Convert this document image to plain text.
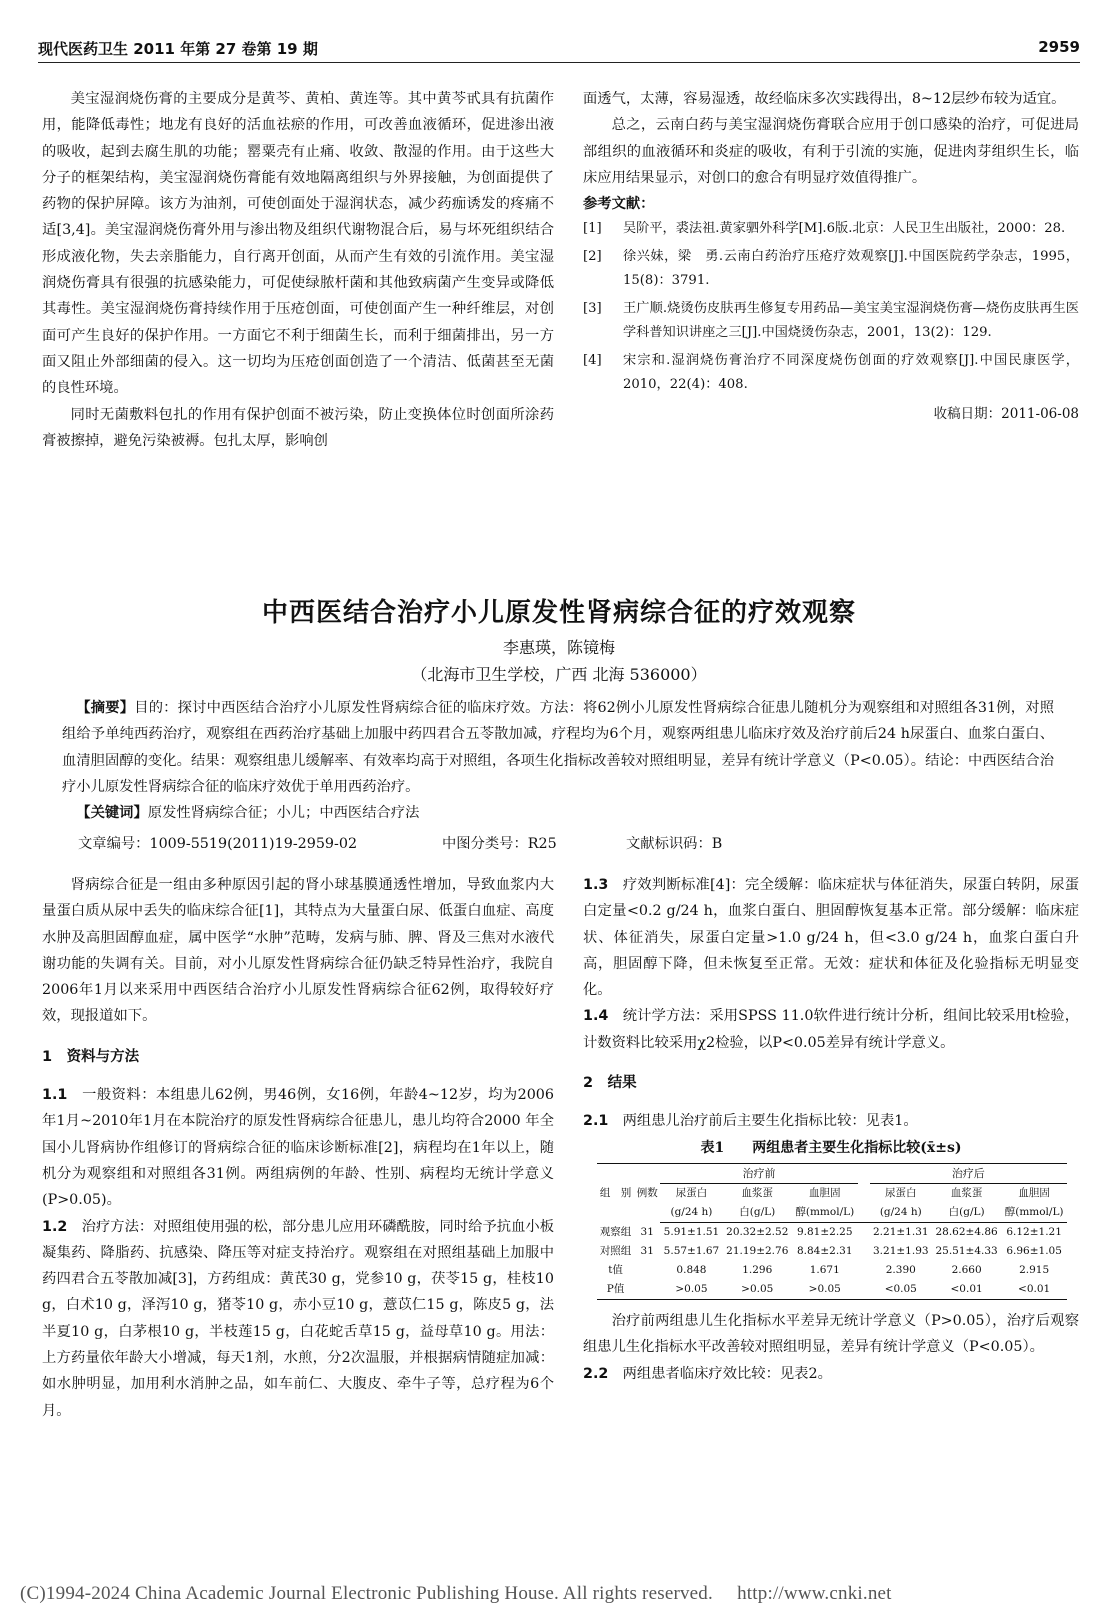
现代医药卫生 2011 年第 27 卷第 19 期	2959

美宝湿润烧伤膏的主要成分是黄芩、黄柏、黄连等。其中黄芩甙具有抗菌作用，能降低毒性；地龙有良好的活血祛瘀的作用，可改善血液循环，促进渗出液的吸收，起到去腐生肌的功能；罂粟壳有止痛、收敛、散湿的作用。由于这些大分子的框架结构，美宝湿润烧伤膏能有效地隔离组织与外界接触，为创面提供了药物的保护屏障。该方为油剂，可使创面处于湿润状态，减少药痂诱发的疼痛不适[3,4]。美宝湿润烧伤膏外用与渗出物及组织代谢物混合后，易与坏死组织结合形成液化物，失去亲脂能力，自行离开创面，从而产生有效的引流作用。美宝湿润烧伤膏具有很强的抗感染能力，可促使绿脓杆菌和其他致病菌产生变异或降低其毒性。美宝湿润烧伤膏持续作用于压疮创面，可使创面产生一种纤维层，对创面可产生良好的保护作用。一方面它不利于细菌生长，而利于细菌排出，另一方面又阻止外部细菌的侵入。这一切均为压疮创面创造了一个清洁、低菌甚至无菌的良性环境。

同时无菌敷料包扎的作用有保护创面不被污染，防止变换体位时创面所涂药膏被擦掉，避免污染被褥。包扎太厚，影响创

面透气，太薄，容易湿透，故经临床多次实践得出，8~12层纱布较为适宜。

总之，云南白药与美宝湿润烧伤膏联合应用于创口感染的治疗，可促进局部组织的血液循环和炎症的吸收，有利于引流的实施，促进肉芽组织生长，临床应用结果显示，对创口的愈合有明显疗效值得推广。

参考文献：

[1] 吴阶平，裘法祖.黄家驷外科学[M].6版.北京：人民卫生出版社，2000：28.
[2] 徐兴妹，梁　勇.云南白药治疗压疮疗效观察[J].中国医院药学杂志，1995，15(8)：3791.
[3] 王广顺.烧烫伤皮肤再生修复专用药品—美宝美宝湿润烧伤膏—烧伤皮肤再生医学科普知识讲座之三[J].中国烧烫伤杂志，2001，13(2)：129.
[4] 宋宗和.湿润烧伤膏治疗不同深度烧伤创面的疗效观察[J].中国民康医学，2010，22(4)：408.
收稿日期：2011-06-08
中西医结合治疗小儿原发性肾病综合征的疗效观察
李惠瑛，陈镜梅
（北海市卫生学校，广西 北海 536000）

【摘要】目的：探讨中西医结合治疗小儿原发性肾病综合征的临床疗效。方法：将62例小儿原发性肾病综合征患儿随机分为观察组和对照组各31例，对照组给予单纯西药治疗，观察组在西药治疗基础上加服中药四君合五苓散加减，疗程均为6个月，观察两组患儿临床疗效及治疗前后24 h尿蛋白、血浆白蛋白、血清胆固醇的变化。结果：观察组患儿缓解率、有效率均高于对照组，各项生化指标改善较对照组明显，差异有统计学意义（P<0.05）。结论：中西医结合治疗小儿原发性肾病综合征的临床疗效优于单用西药治疗。

【关键词】原发性肾病综合征；小儿；中西医结合疗法

文章编号：1009-5519(2011)19-2959-02	中图分类号：R25	文献标识码：B

肾病综合征是一组由多种原因引起的肾小球基膜通透性增加，导致血浆内大量蛋白质从尿中丢失的临床综合征[1]，其特点为大量蛋白尿、低蛋白血症、高度水肿及高胆固醇血症，属中医学“水肿”范畴，发病与肺、脾、肾及三焦对水液代谢功能的失调有关。目前，对小儿原发性肾病综合征仍缺乏特异性治疗，我院自2006年1月以来采用中西医结合治疗小儿原发性肾病综合征62例，取得较好疗效，现报道如下。

1　资料与方法

1.1 一般资料：本组患儿62例，男46例，女16例，年龄4~12岁，均为2006年1月~2010年1月在本院治疗的原发性肾病综合征患儿，患儿均符合2000 年全国小儿肾病协作组修订的肾病综合征的临床诊断标准[2]，病程均在1年以上，随机分为观察组和对照组各31例。两组病例的年龄、性别、病程均无统计学意义(P>0.05)。

1.2 治疗方法：对照组使用强的松，部分患儿应用环磷酰胺，同时给予抗血小板凝集药、降脂药、抗感染、降压等对症支持治疗。观察组在对照组基础上加服中药四君合五苓散加减[3]，方药组成：黄芪30 g，党参10 g，茯苓15 g，桂枝10 g，白术10 g，泽泻10 g，猪苓10 g，赤小豆10 g，薏苡仁15 g，陈皮5 g，法半夏10 g，白茅根10 g，半枝莲15 g，白花蛇舌草15 g，益母草10 g。用法：上方药量依年龄大小增减，每天1剂，水煎，分2次温服，并根据病情随症加减：如水肿明显，加用利水消肿之品，如车前仁、大腹皮、牵牛子等，总疗程为6个月。

1.3 疗效判断标准[4]：完全缓解：临床症状与体征消失，尿蛋白转阴，尿蛋白定量<0.2 g/24 h，血浆白蛋白、胆固醇恢复基本正常。部分缓解：临床症状、体征消失，尿蛋白定量>1.0 g/24 h，但<3.0 g/24 h，血浆白蛋白升高，胆固醇下降，但未恢复至正常。无效：症状和体征及化验指标无明显变化。

1.4 统计学方法：采用SPSS 11.0软件进行统计分析，组间比较采用t检验，计数资料比较采用χ2检验，以P<0.05差异有统计学意义。

2　结果

2.1 两组患儿治疗前后主要生化指标比较：见表1。

表1　　两组患者主要生化指标比较(x̄±s)

组　别	例数	治疗前				治疗后		
		尿蛋白	血浆蛋	血胆固		尿蛋白	血浆蛋	血胆固
		(g/24 h)	白(g/L)	醇(mmol/L)		(g/24 h)	白(g/L)	醇(mmol/L)
观察组	31	5.91±1.51	20.32±2.52	9.81±2.25		2.21±1.31	28.62±4.86	6.12±1.21
对照组	31	5.57±1.67	21.19±2.76	8.84±2.31		3.21±1.93	25.51±4.33	6.96±1.05
t值		0.848	1.296	1.671		2.390	2.660	2.915
P值		>0.05	>0.05	>0.05		<0.05	<0.01	<0.01

治疗前两组患儿生化指标水平差异无统计学意义（P>0.05），治疗后观察组患儿生化指标水平改善较对照组明显，差异有统计学意义（P<0.05）。

2.2 两组患者临床疗效比较：见表2。

(C)1994-2024 China Academic Journal Electronic Publishing House. All rights reserved.　 http://www.cnki.net
